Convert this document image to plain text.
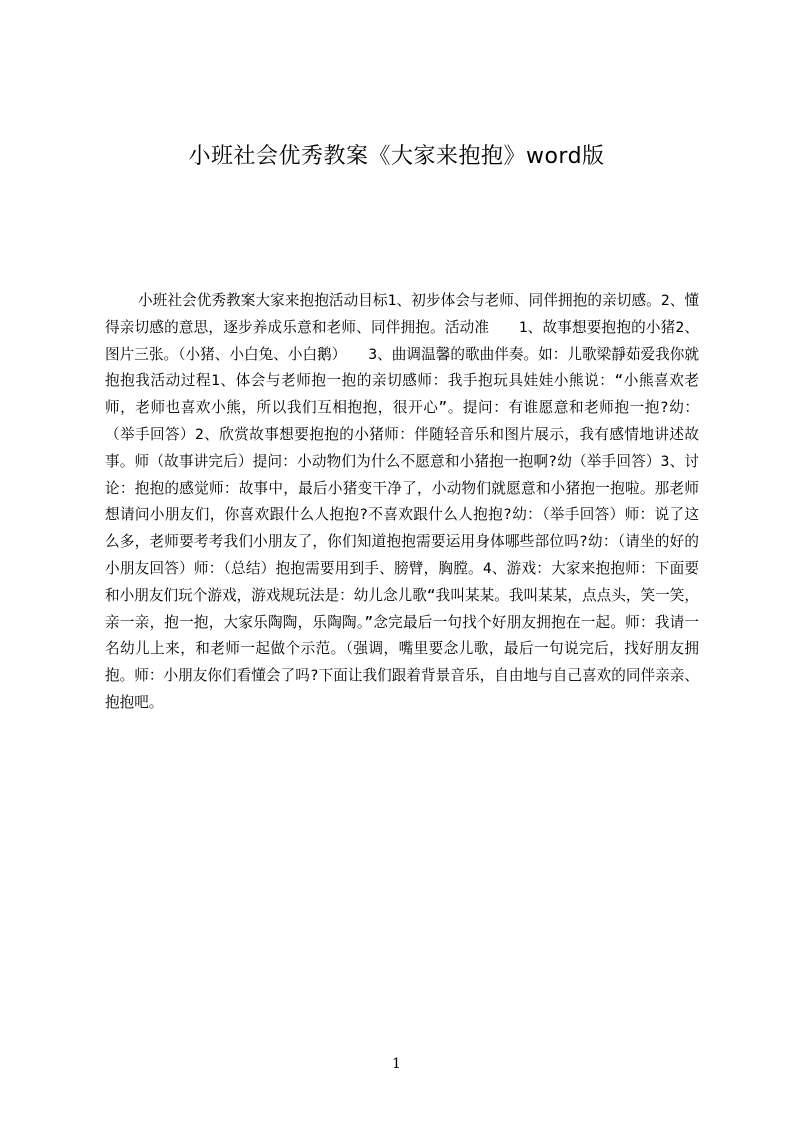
小班社会优秀教案《大家来抱抱》word版

小班社会优秀教案大家来抱抱活动目标1、初步体会与老师、同伴拥抱的亲切感。2、懂得亲切感的意思，逐步养成乐意和老师、同伴拥抱。活动准　　1、故事想要抱抱的小猪2、图片三张。（小猪、小白兔、小白鹅）　　3、曲调温馨的歌曲伴奏。如：儿歌梁靜茹爱我你就抱抱我活动过程1、体会与老师抱一抱的亲切感师：我手抱玩具娃娃小熊说：“小熊喜欢老师，老师也喜欢小熊，所以我们互相抱抱，很开心”。提问：有谁愿意和老师抱一抱?幼：（举手回答）2、欣赏故事想要抱抱的小猪师：伴随轻音乐和图片展示，我有感情地讲述故事。师（故事讲完后）提问：小动物们为什么不愿意和小猪抱一抱啊?幼（举手回答）3、讨论：抱抱的感觉师：故事中，最后小猪变干净了，小动物们就愿意和小猪抱一抱啦。那老师想请问小朋友们，你喜欢跟什么人抱抱?不喜欢跟什么人抱抱?幼：（举手回答）师：说了这么多，老师要考考我们小朋友了，你们知道抱抱需要运用身体哪些部位吗?幼：（请坐的好的小朋友回答）师：（总结）抱抱需要用到手、膀臂，胸膛。4、游戏：大家来抱抱师：下面要和小朋友们玩个游戏，游戏规玩法是：幼儿念儿歌“我叫某某。我叫某某，点点头，笑一笑，亲一亲，抱一抱，大家乐陶陶，乐陶陶。”念完最后一句找个好朋友拥抱在一起。师：我请一名幼儿上来，和老师一起做个示范。（强调，嘴里要念儿歌，最后一句说完后，找好朋友拥抱。师：小朋友你们看懂会了吗?下面让我们跟着背景音乐，自由地与自己喜欢的同伴亲亲、抱抱吧。

1
